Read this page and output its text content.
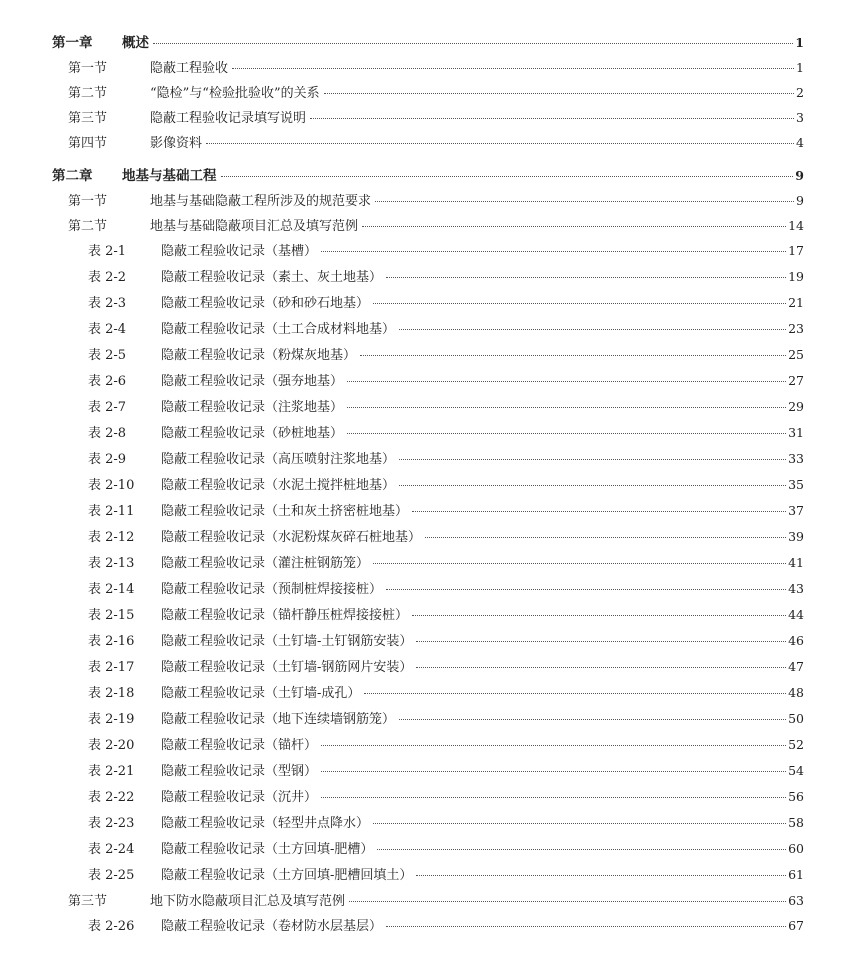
第一章	概述	1
第一节	隐蔽工程验收	1
第二节	“隐检”与“检验批验收”的关系	2
第三节	隐蔽工程验收记录填写说明	3
第四节	影像资料	4
第二章	地基与基础工程	9
第一节	地基与基础隐蔽工程所涉及的规范要求	9
第二节	地基与基础隐蔽项目汇总及填写范例	14
表 2-1	隐蔽工程验收记录（基槽）	17
表 2-2	隐蔽工程验收记录（素土、灰土地基）	19
表 2-3	隐蔽工程验收记录（砂和砂石地基）	21
表 2-4	隐蔽工程验收记录（土工合成材料地基）	23
表 2-5	隐蔽工程验收记录（粉煤灰地基）	25
表 2-6	隐蔽工程验收记录（强夯地基）	27
表 2-7	隐蔽工程验收记录（注浆地基）	29
表 2-8	隐蔽工程验收记录（砂桩地基）	31
表 2-9	隐蔽工程验收记录（高压喷射注浆地基）	33
表 2-10	隐蔽工程验收记录（水泥土搅拌桩地基）	35
表 2-11	隐蔽工程验收记录（土和灰土挤密桩地基）	37
表 2-12	隐蔽工程验收记录（水泥粉煤灰碎石桩地基）	39
表 2-13	隐蔽工程验收记录（灌注桩钢筋笼）	41
表 2-14	隐蔽工程验收记录（预制桩焊接接桩）	43
表 2-15	隐蔽工程验收记录（锚杆静压桩焊接接桩）	44
表 2-16	隐蔽工程验收记录（土钉墙-土钉钢筋安装）	46
表 2-17	隐蔽工程验收记录（土钉墙-钢筋网片安装）	47
表 2-18	隐蔽工程验收记录（土钉墙-成孔）	48
表 2-19	隐蔽工程验收记录（地下连续墙钢筋笼）	50
表 2-20	隐蔽工程验收记录（锚杆）	52
表 2-21	隐蔽工程验收记录（型钢）	54
表 2-22	隐蔽工程验收记录（沉井）	56
表 2-23	隐蔽工程验收记录（轻型井点降水）	58
表 2-24	隐蔽工程验收记录（土方回填-肥槽）	60
表 2-25	隐蔽工程验收记录（土方回填-肥槽回填土）	61
第三节	地下防水隐蔽项目汇总及填写范例	63
表 2-26	隐蔽工程验收记录（卷材防水层基层）	67
